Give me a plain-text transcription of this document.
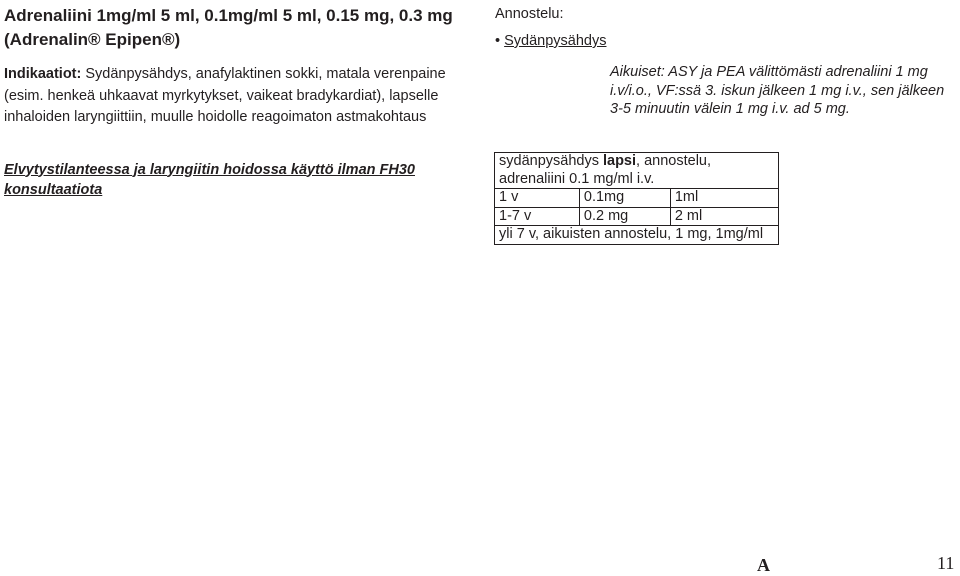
Adrenaliini 1mg/ml 5 ml, 0.1mg/ml 5 ml, 0.15 mg, 0.3 mg (Adrenalin® Epipen®)

Indikaatiot: Sydänpysähdys, anafylaktinen sokki, matala verenpaine (esim. henkeä uhkaavat myrkytykset, vaikeat bradykardiat), lapselle inhaloiden laryngiittiin, muulle hoidolle reagoimaton astmakohtaus

Elvytystilanteessa ja laryngiitin hoidossa käyttö ilman FH30 konsultaatiota

Annostelu:
• Sydänpysähdys
Aikuiset: ASY ja PEA välittömästi adrenaliini 1 mg i.v/i.o., VF:ssä 3. iskun jälkeen 1 mg i.v., sen jälkeen 3-5 minuutin välein 1 mg i.v. ad 5 mg.
sydänpysähdys lapsi, annostelu, adrenaliini 0.1 mg/ml i.v.		
1 v	0.1mg	1ml
1-7 v	0.2 mg	2 ml
yli 7 v, aikuisten annostelu, 1 mg, 1mg/ml		
A	11
